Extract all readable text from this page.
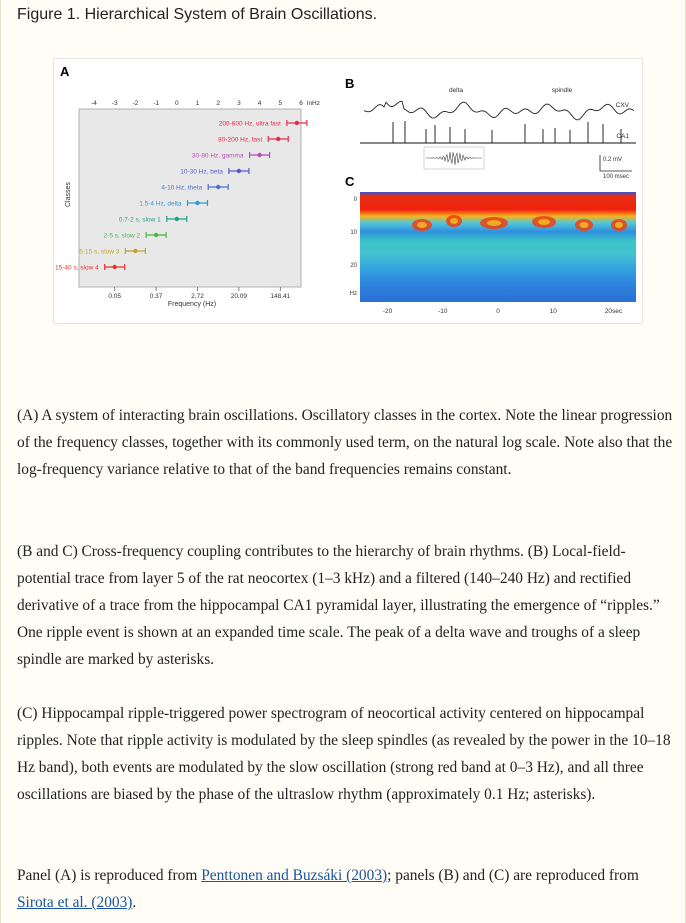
Figure 1. Hierarchical System of Brain Oscillations.
A
Classes
-4 -3 -2 -1 0	1	2	3	4	5	6 lnHz
200-600 Hz, ultra fast
80-200 Hz, fast
30-80 Hz, gamma
10-30 Hz, beta
4-10 Hz, theta
1.5-4 Hz, delta
0.7-2 s, slow 1
2-5 s, slow 2
5-15 s, slow 3
15-40 s, slow 4
0.05	0.37	2.72	20.09	148.41
Frequency (Hz)
B	delta	spindle
CXV
CA1
0.2 mV
100 msec
C
0
10
20
Hz
-20	-10	0	10	20 sec

(A) A system of interacting brain oscillations. Oscillatory classes in the cortex. Note the linear progression of the frequency classes, together with its commonly used term, on the natural log scale. Note also that the log-frequency variance relative to that of the band frequencies remains constant.

(B and C) Cross-frequency coupling contributes to the hierarchy of brain rhythms. (B) Local-field-potential trace from layer 5 of the rat neocortex (1–3 kHz) and a filtered (140–240 Hz) and rectified derivative of a trace from the hippocampal CA1 pyramidal layer, illustrating the emergence of “ripples.” One ripple event is shown at an expanded time scale. The peak of a delta wave and troughs of a sleep spindle are marked by asterisks.

(C) Hippocampal ripple-triggered power spectrogram of neocortical activity centered on hippocampal ripples. Note that ripple activity is modulated by the sleep spindles (as revealed by the power in the 10–18 Hz band), both events are modulated by the slow oscillation (strong red band at 0–3 Hz), and all three oscillations are biased by the phase of the ultraslow rhythm (approximately 0.1 Hz; asterisks).

Panel (A) is reproduced from Penttonen and Buzsáki (2003); panels (B) and (C) are reproduced from Sirota et al. (2003).
